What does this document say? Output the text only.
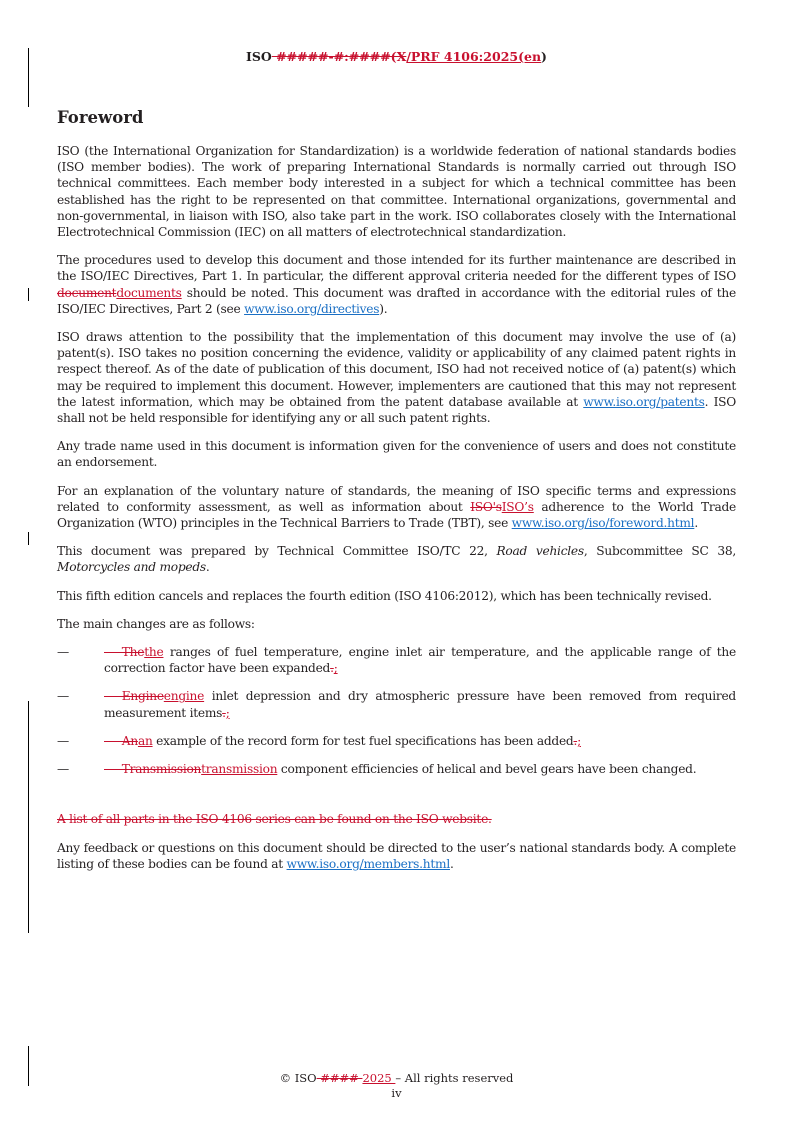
ISO #####-#:####(X/PRF 4106:2025(en)
Foreword

ISO (the International Organization for Standardization) is a worldwide federation of national standards bodies (ISO member bodies). The work of preparing International Standards is normally carried out through ISO technical committees. Each member body interested in a subject for which a technical committee has been established has the right to be represented on that committee. International organizations, governmental and non-governmental, in liaison with ISO, also take part in the work. ISO collaborates closely with the International Electrotechnical Commission (IEC) on all matters of electrotechnical standardization.

The procedures used to develop this document and those intended for its further maintenance are described in the ISO/IEC Directives, Part 1. In particular, the different approval criteria needed for the different types of ISO documentdocuments should be noted. This document was drafted in accordance with the editorial rules of the ISO/IEC Directives, Part 2 (see www.iso.org/directives).

ISO draws attention to the possibility that the implementation of this document may involve the use of (a) patent(s). ISO takes no position concerning the evidence, validity or applicability of any claimed patent rights in respect thereof. As of the date of publication of this document, ISO had not received notice of (a) patent(s) which may be required to implement this document. However, implementers are cautioned that this may not represent the latest information, which may be obtained from the patent database available at www.iso.org/patents. ISO shall not be held responsible for identifying any or all such patent rights.

Any trade name used in this document is information given for the convenience of users and does not constitute an endorsement.

For an explanation of the voluntary nature of standards, the meaning of ISO specific terms and expressions related to conformity assessment, as well as information about ISO'sISO’s adherence to the World Trade Organization (WTO) principles in the Technical Barriers to Trade (TBT), see www.iso.org/iso/foreword.html.

This document was prepared by Technical Committee ISO/TC 22, Road vehicles, Subcommittee SC 38, Motorcycles and mopeds.

This fifth edition cancels and replaces the fourth edition (ISO 4106:2012), which has been technically revised.

The main changes are as follows:

—	— Thethe ranges of fuel temperature, engine inlet air temperature, and the applicable range of the correction factor have been expanded.;
—	— Engineengine inlet depression and dry atmospheric pressure have been removed from required measurement items.;
—	— Anan example of the record form for test fuel specifications has been added.;
—	— Transmissiontransmission component efficiencies of helical and bevel gears have been changed.

A list of all parts in the ISO 4106 series can be found on the ISO website.

Any feedback or questions on this document should be directed to the user’s national standards body. A complete listing of these bodies can be found at www.iso.org/members.html.

© ISO #### 2025 – All rights reserved
iv
